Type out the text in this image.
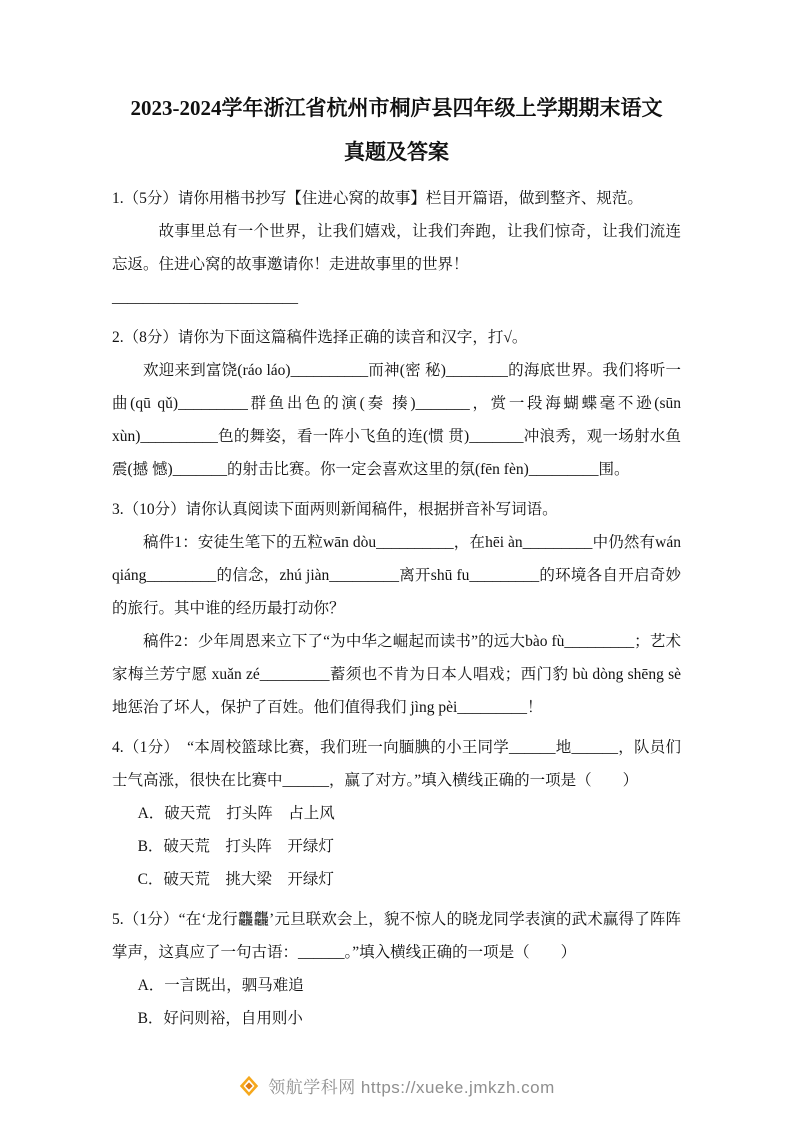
2023-2024学年浙江省杭州市桐庐县四年级上学期期末语文
真题及答案

1.（5分）请你用楷书抄写【住进心窝的故事】栏目开篇语，做到整齐、规范。

故事里总有一个世界，让我们嬉戏，让我们奔跑，让我们惊奇，让我们流连忘返。住进心窝的故事邀请你！走进故事里的世界！

________________________

2.（8分）请你为下面这篇稿件选择正确的读音和汉字，打√。

欢迎来到富饶(ráo láo)__________而神(密 秘)________的海底世界。我们将听一曲(qū qǔ)_________群鱼出色的演(奏 揍)_______，赏一段海蝴蝶毫不逊(sūn xùn)__________色的舞姿，看一阵小飞鱼的连(惯 贯)_______冲浪秀，观一场射水鱼震(撼 憾)_______的射击比赛。你一定会喜欢这里的氛(fēn fèn)_________围。

3.（10分）请你认真阅读下面两则新闻稿件，根据拼音补写词语。

稿件1：安徒生笔下的五粒wān dòu__________，在hēi àn_________中仍然有wán qiáng_________的信念，zhú jiàn_________离开shū fu_________的环境各自开启奇妙的旅行。其中谁的经历最打动你？

稿件2：少年周恩来立下了“为中华之崛起而读书”的远大bào fù_________；艺术家梅兰芳宁愿 xuǎn zé_________蓄须也不肯为日本人唱戏；西门豹 bù dòng shēng sè 地惩治了坏人，保护了百姓。他们值得我们 jìng pèi_________！

4.（1分）　“本周校篮球比赛，我们班一向腼腆的小王同学______地______，队员们士气高涨，很快在比赛中______，赢了对方。”填入横线正确的一项是（　　）

A．破天荒　打头阵　占上风

B．破天荒　打头阵　开绿灯

C．破天荒　挑大梁　开绿灯

5.（1分）“在‘龙行龘龘’元旦联欢会上，貌不惊人的晓龙同学表演的武术赢得了阵阵掌声，这真应了一句古语：______。”填入横线正确的一项是（　　）

A．一言既出，驷马难追

B．好问则裕，自用则小

领航学科网 https://xueke.jmkzh.com
